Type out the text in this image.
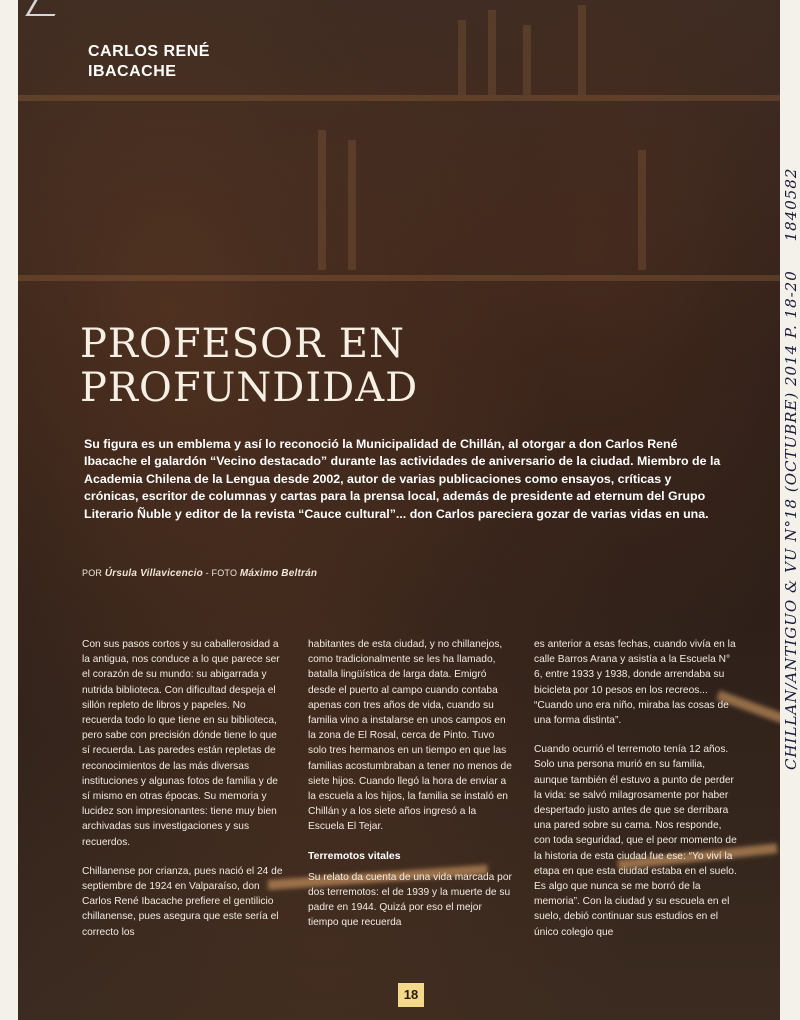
CARLOS RENÉ
IBACACHE
PROFESOR EN
PROFUNDIDAD
Su figura es un emblema y así lo reconoció la Municipalidad de Chillán, al otorgar a don Carlos René Ibacache el galardón “Vecino destacado” durante las actividades de aniversario de la ciudad. Miembro de la Academia Chilena de la Lengua desde 2002, autor de varias publicaciones como ensayos, críticas y crónicas, escritor de columnas y cartas para la prensa local, además de presidente ad eternum del Grupo Literario Ñuble y editor de la revista “Cauce cultural”... don Carlos pareciera gozar de varias vidas en una.
POR Úrsula Villavicencio - FOTO Máximo Beltrán

Con sus pasos cortos y su caballerosidad a la antigua, nos conduce a lo que parece ser el corazón de su mundo: su abigarrada y nutrida biblioteca. Con dificultad despeja el sillón repleto de libros y papeles. No recuerda todo lo que tiene en su biblioteca, pero sabe con precisión dónde tiene lo que sí recuerda. Las paredes están repletas de reconocimientos de las más diversas instituciones y algunas fotos de familia y de sí mismo en otras épocas. Su memoria y lucidez son impresionantes: tiene muy bien archivadas sus investigaciones y sus recuerdos.

Chillanense por crianza, pues nació el 24 de septiembre de 1924 en Valparaíso, don Carlos René Ibacache prefiere el gentilicio chillanense, pues asegura que este sería el correcto los

habitantes de esta ciudad, y no chillanejos, como tradicionalmente se les ha llamado, batalla lingüística de larga data. Emigró desde el puerto al campo cuando contaba apenas con tres años de vida, cuando su familia vino a instalarse en unos campos en la zona de El Rosal, cerca de Pinto. Tuvo solo tres hermanos en un tiempo en que las familias acostumbraban a tener no menos de siete hijos. Cuando llegó la hora de enviar a la escuela a los hijos, la familia se instaló en Chillán y a los siete años ingresó a la Escuela El Tejar.

Terremotos vitales

Su relato da cuenta de una vida marcada por dos terremotos: el de 1939 y la muerte de su padre en 1944. Quizá por eso el mejor tiempo que recuerda

es anterior a esas fechas, cuando vivía en la calle Barros Arana y asistía a la Escuela N° 6, entre 1933 y 1938, donde arrendaba su bicicleta por 10 pesos en los recreos... “Cuando uno era niño, miraba las cosas de una forma distinta”.

Cuando ocurrió el terremoto tenía 12 años. Solo una persona murió en su familia, aunque también él estuvo a punto de perder la vida: se salvó milagrosamente por haber despertado justo antes de que se derribara una pared sobre su cama. Nos responde, con toda seguridad, que el peor momento de la historia de esta ciudad fue ese: “Yo viví la etapa en que esta ciudad estaba en el suelo. Es algo que nunca se me borró de la memoria”. Con la ciudad y su escuela en el suelo, debió continuar sus estudios en el único colegio que

18
CHILLAN/ANTIGUO & VU N°18 (OCTUBRE) 2014 P. 18-20     1840582
